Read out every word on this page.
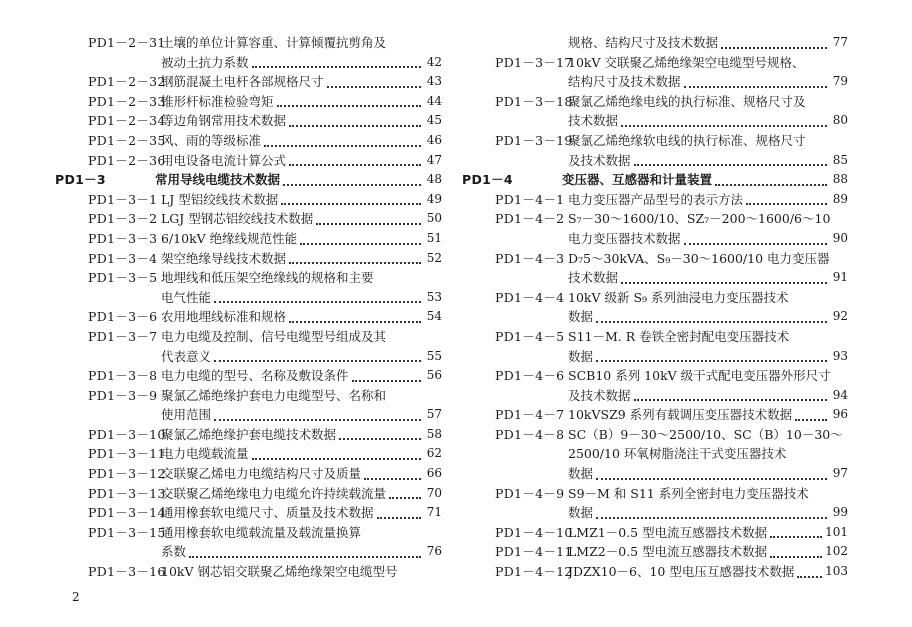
PD1－2－31
土壤的单位计算容重、计算倾覆抗剪角及
被动土抗力系数	42
PD1－2－32
钢筋混凝土电杆各部规格尺寸	43
PD1－2－33
锥形杆标准检验弯矩	44
PD1－2－34
等边角钢常用技术数据	45
PD1－2－35
风、雨的等级标准	46
PD1－2－36
用电设备电流计算公式	47
PD1－3	常用导线电缆技术数据	48
PD1－3－1 LJ 型铝绞线技术数据	49
PD1－3－2 LGJ 型钢芯铝绞线技术数据	50
PD1－3－3 6/10kV 绝缘线规范性能	51
PD1－3－4 架空绝缘导线技术数据	52
PD1－3－5 地埋线和低压架空绝缘线的规格和主要
电气性能	53
PD1－3－6 农用地埋线标准和规格	54
PD1－3－7 电力电缆及控制、信号电缆型号组成及其
代表意义	55
PD1－3－8 电力电缆的型号、名称及敷设条件	56
PD1－3－9 聚氯乙烯绝缘护套电力电缆型号、名称和
使用范围	57
PD1－3－10
聚氯乙烯绝缘护套电缆技术数据	58
PD1－3－11
电力电缆载流量	62
PD1－3－12
交联聚乙烯电力电缆结构尺寸及质量	66
PD1－3－13
交联聚乙烯绝缘电力电缆允许持续载流量	70
PD1－3－14
通用橡套软电缆尺寸、质量及技术数据	71
PD1－3－15
通用橡套软电缆载流量及载流量换算
系数	76
PD1－3－16
10kV 钢芯铝交联聚乙烯绝缘架空电缆型号
规格、结构尺寸及技术数据	77
PD1－3－17
10kV 交联聚乙烯绝缘架空电缆型号规格、
结构尺寸及技术数据	79
PD1－3－18
聚氯乙烯绝缘电线的执行标准、规格尺寸及
技术数据	80
PD1－3－19
聚氯乙烯绝缘软电线的执行标准、规格尺寸
及技术数据	85
PD1－4	变压器、互感器和计量装置	88
PD1－4－1 电力变压器产品型号的表示方法	89
PD1－4－2 S₇－30～1600/10、SZ₇－200～1600/6～10
电力变压器技术数据	90
PD1－4－3 D₇5～30kVA、S₉－30～1600/10 电力变压器
技术数据	91
PD1－4－4 10kV 级新 S₉ 系列油浸电力变压器技术
数据	92
PD1－4－5 S11－M. R 卷铁全密封配电变压器技术
数据	93
PD1－4－6 SCB10 系列 10kV 级干式配电变压器外形尺寸
及技术数据	94
PD1－4－7 10kVSZ9 系列有载调压变压器技术数据	96
PD1－4－8 SC（B）9－30～2500/10、SC（B）10－30～
2500/10 环氧树脂浇注干式变压器技术
数据	97
PD1－4－9 S9－M 和 S11 系列全密封电力变压器技术
数据	99
PD1－4－10
LMZ1－0.5 型电流互感器技术数据	101
PD1－4－11
LMZ2－0.5 型电流互感器技术数据	102
PD1－4－12
JDZX10－6、10 型电压互感器技术数据	103
2
